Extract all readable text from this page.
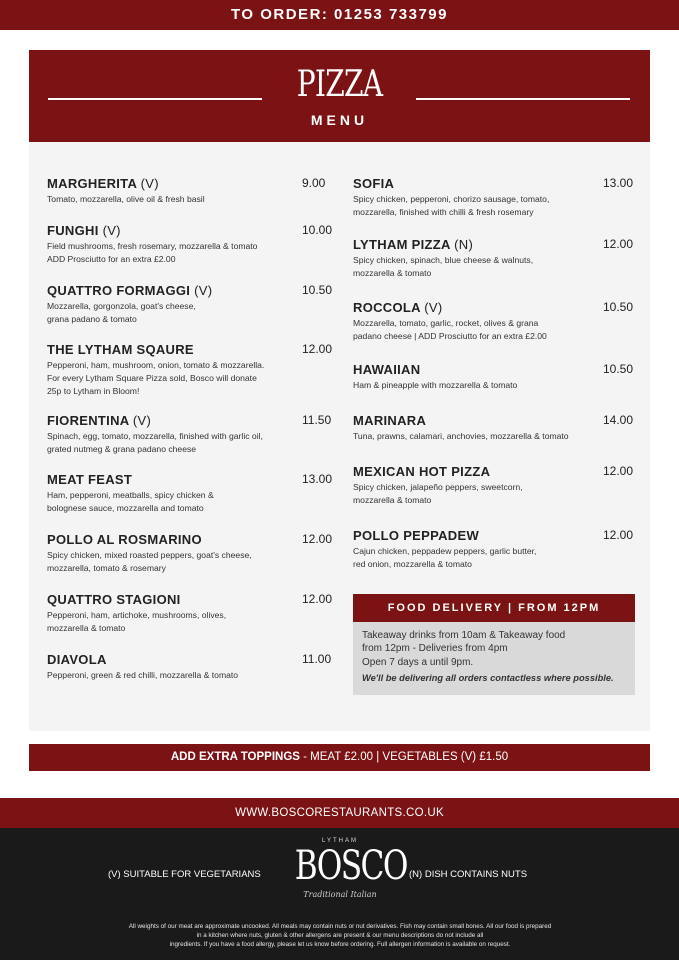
TO ORDER: 01253 733799
PIZZA
MENU
MARGHERITA (V)	9.00
Tomato, mozzarella, olive oil & fresh basil
FUNGHI (V)	10.00
Field mushrooms, fresh rosemary, mozzarella & tomato
ADD Prosciutto for an extra £2.00
QUATTRO FORMAGGI (V)	10.50
Mozzarella, gorgonzola, goat's cheese,
grana padano & tomato
THE LYTHAM SQAURE	12.00
Pepperoni, ham, mushroom, onion, tomato & mozzarella.
For every Lytham Square Pizza sold, Bosco will donate
25p to Lytham in Bloom!
FIORENTINA (V)	11.50
Spinach, egg, tomato, mozzarella, finished with garlic oil,
grated nutmeg & grana padano cheese
MEAT FEAST	13.00
Ham, pepperoni, meatballs, spicy chicken &
bolognese sauce, mozzarella and tomato
POLLO AL ROSMARINO	12.00
Spicy chicken, mixed roasted peppers, goat's cheese,
mozzarella, tomato & rosemary
QUATTRO STAGIONI	12.00
Pepperoni, ham, artichoke, mushrooms, olives,
mozzarella & tomato
DIAVOLA	11.00
Pepperoni, green & red chilli, mozzarella & tomato
SOFIA	13.00
Spicy chicken, pepperoni, chorizo sausage, tomato,
mozzarella, finished with chilli & fresh rosemary
LYTHAM PIZZA (N)	12.00
Spicy chicken, spinach, blue cheese & walnuts,
mozzarella & tomato
ROCCOLA (V)	10.50
Mozzarella, tomato, garlic, rocket, olives & grana
padano cheese | ADD Prosciutto for an extra £2.00
HAWAIIAN	10.50
Ham & pineapple with mozzarella & tomato
MARINARA	14.00
Tuna, prawns, calamari, anchovies, mozzarella & tomato
MEXICAN HOT PIZZA	12.00
Spicy chicken, jalapeño peppers, sweetcorn,
mozzarella & tomato
POLLO PEPPADEW	12.00
Cajun chicken, peppadew peppers, garlic butter,
red onion, mozzarella & tomato
FOOD DELIVERY | FROM 12PM

Takeaway drinks from 10am & Takeaway food
from 12pm - Deliveries from 4pm

Open 7 days a until 9pm.

We'll be delivering all orders contactless where possible.

ADD EXTRA TOPPINGS - MEAT £2.00 | VEGETABLES (V) £1.50
WWW.BOSCORESTAURANTS.CO.UK
(V) SUITABLE FOR VEGETARIANS
LYTHAM
BOSCO
Traditional Italian
(N) DISH CONTAINS NUTS
All weights of our meat are approximate uncooked. All meals may contain nuts or nut derivatives. Fish may contain small bones. All our food is prepared
in a kitchen where nuts, gluten & other allergens are present & our menu descriptions do not include all
ingredients. If you have a food allergy, please let us know before ordering. Full allergen information is available on request.
